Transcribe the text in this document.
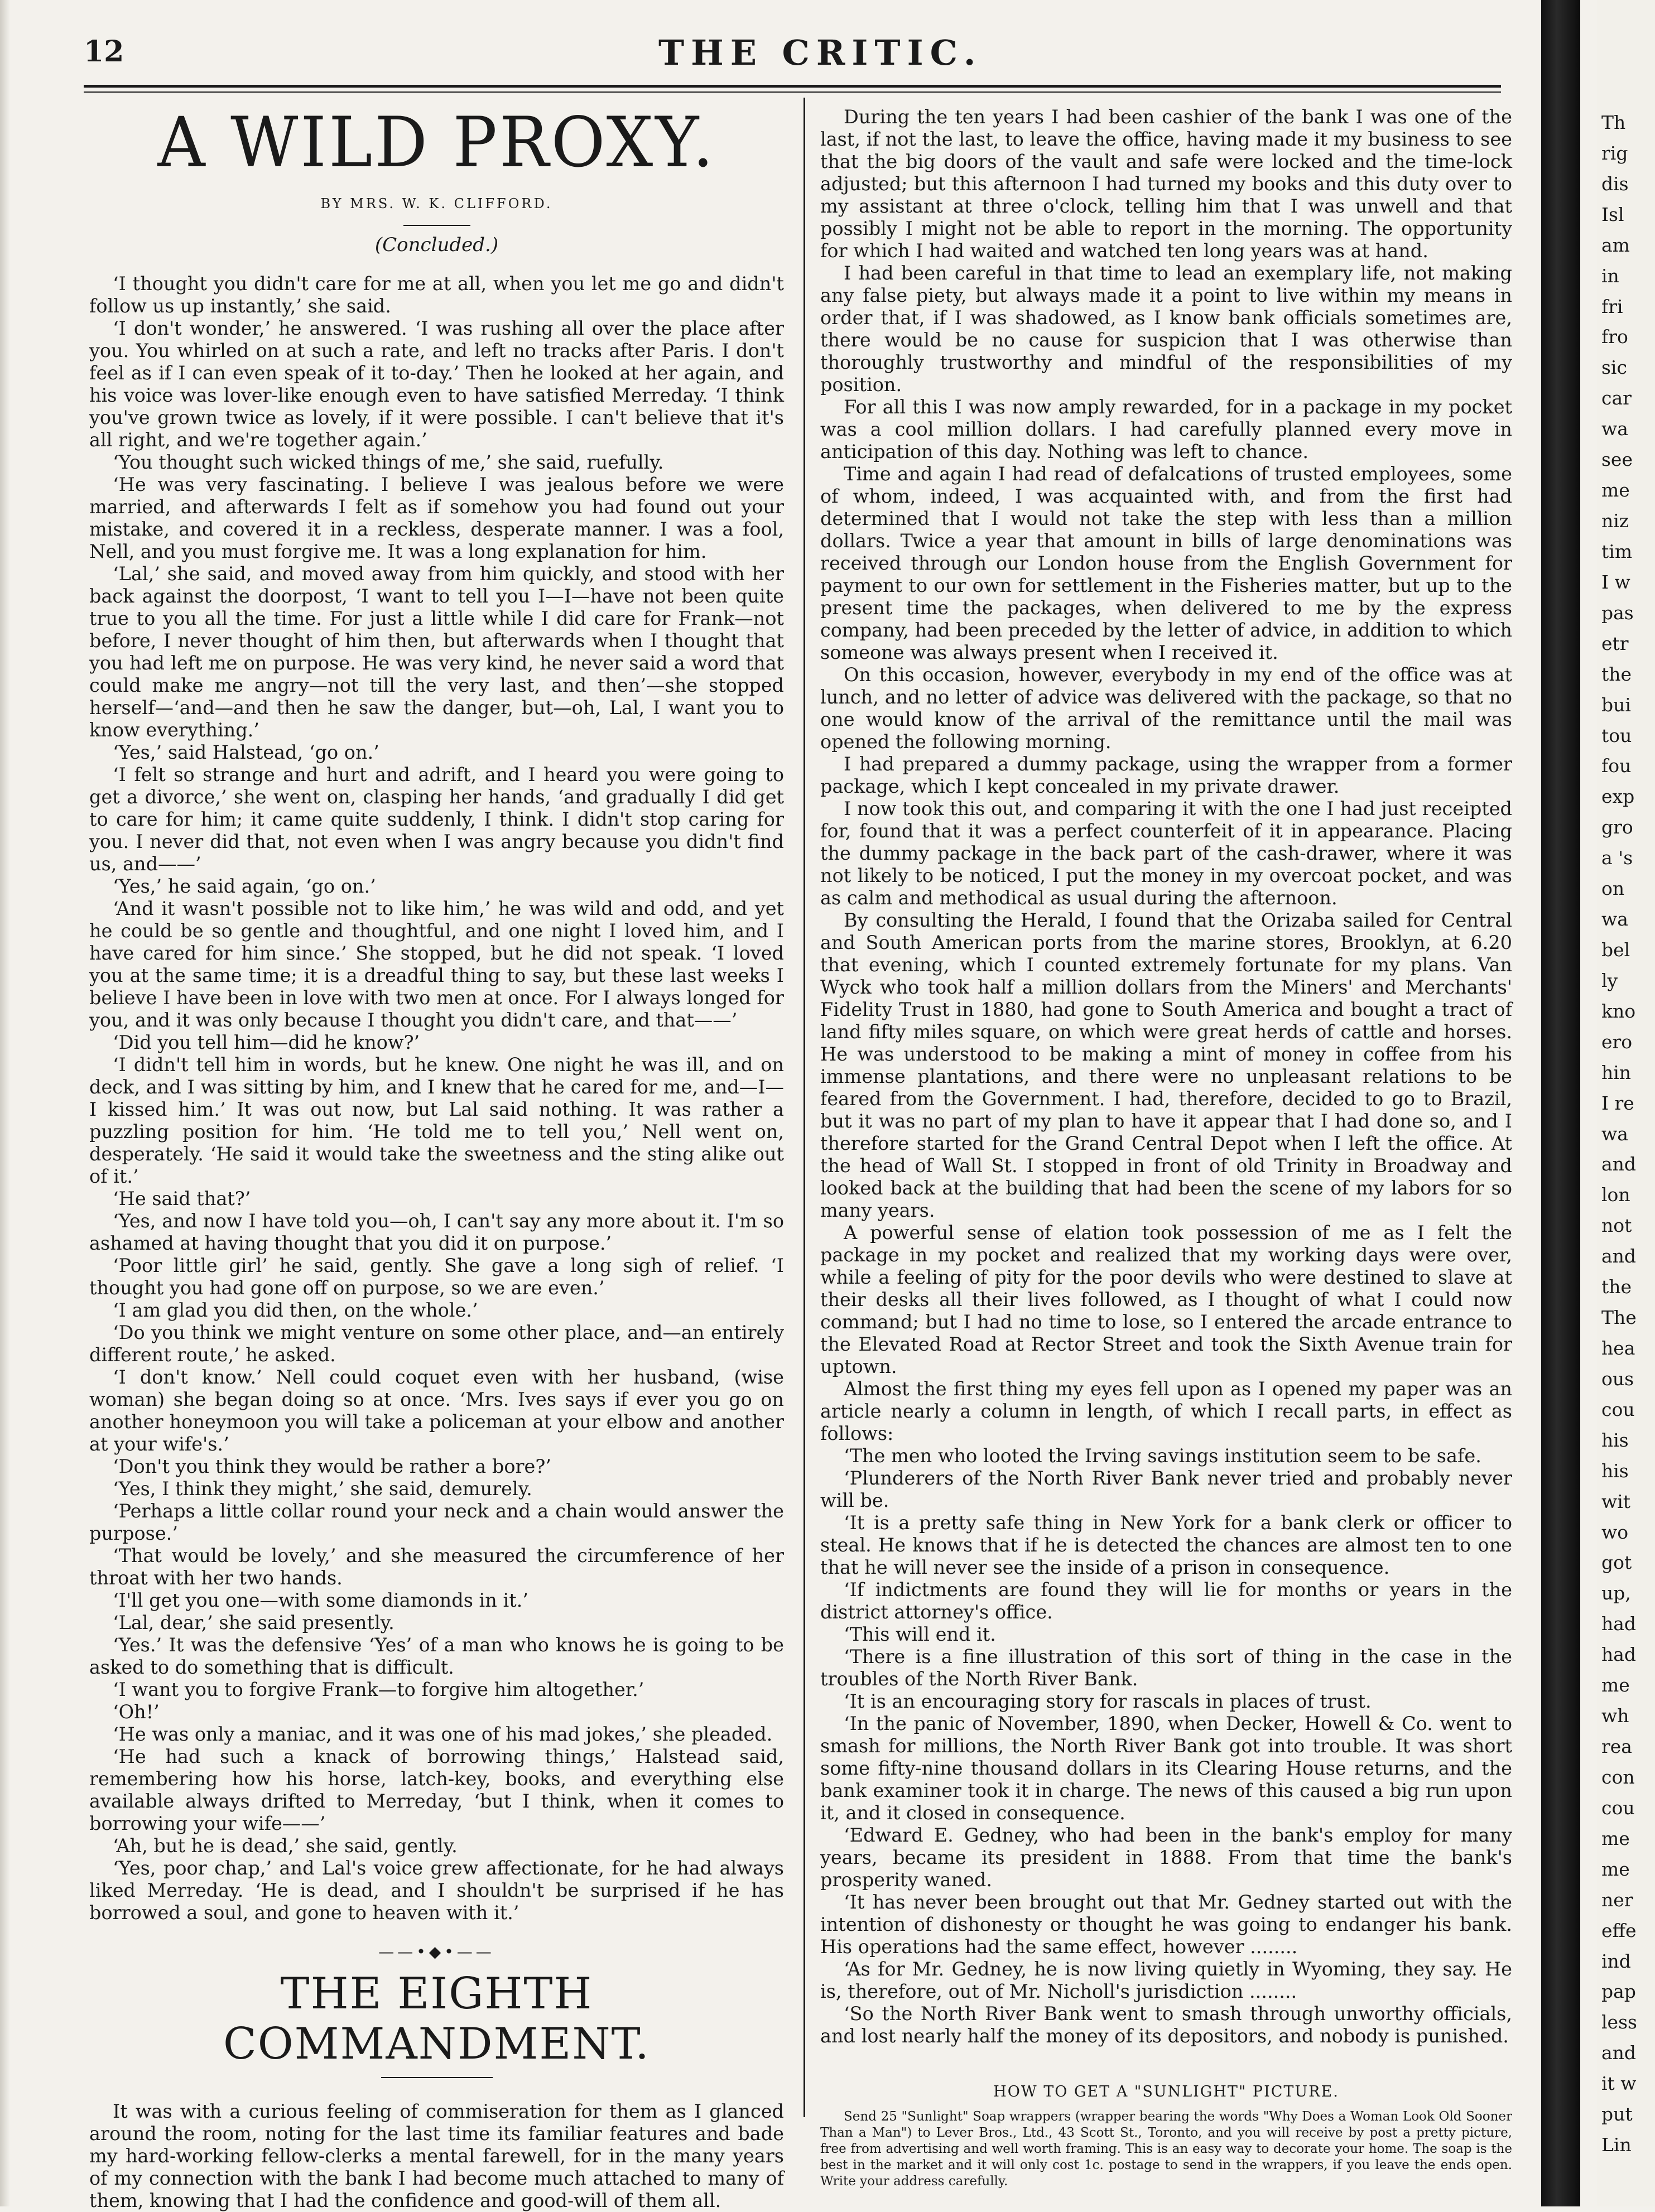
12	THE CRITIC.
A WILD PROXY.
BY MRS. W. K. CLIFFORD.
(Concluded.)

‘I thought you didn't care for me at all, when you let me go and didn't follow us up instantly,’ she said.

‘I don't wonder,’ he answered. ‘I was rushing all over the place after you. You whirled on at such a rate, and left no tracks after Paris. I don't feel as if I can even speak of it to-day.’ Then he looked at her again, and his voice was lover-like enough even to have satisfied Merreday. ‘I think you've grown twice as lovely, if it were possible. I can't believe that it's all right, and we're together again.’

‘You thought such wicked things of me,’ she said, ruefully.

‘He was very fascinating. I believe I was jealous before we were married, and afterwards I felt as if somehow you had found out your mistake, and covered it in a reckless, desperate manner. I was a fool, Nell, and you must forgive me. It was a long explanation for him.

‘Lal,’ she said, and moved away from him quickly, and stood with her back against the doorpost, ‘I want to tell you I—I—have not been quite true to you all the time. For just a little while I did care for Frank—not before, I never thought of him then, but afterwards when I thought that you had left me on purpose. He was very kind, he never said a word that could make me angry—not till the very last, and then’—she stopped herself—‘and—and then he saw the danger, but—oh, Lal, I want you to know everything.’

‘Yes,’ said Halstead, ‘go on.’

‘I felt so strange and hurt and adrift, and I heard you were going to get a divorce,’ she went on, clasping her hands, ‘and gradually I did get to care for him; it came quite suddenly, I think. I didn't stop caring for you. I never did that, not even when I was angry because you didn't find us, and——’

‘Yes,’ he said again, ‘go on.’

‘And it wasn't possible not to like him,’ he was wild and odd, and yet he could be so gentle and thoughtful, and one night I loved him, and I have cared for him since.’ She stopped, but he did not speak. ‘I loved you at the same time; it is a dreadful thing to say, but these last weeks I believe I have been in love with two men at once. For I always longed for you, and it was only because I thought you didn't care, and that——’

‘Did you tell him—did he know?’

‘I didn't tell him in words, but he knew. One night he was ill, and on deck, and I was sitting by him, and I knew that he cared for me, and—I—I kissed him.’ It was out now, but Lal said nothing. It was rather a puzzling position for him. ‘He told me to tell you,’ Nell went on, desperately. ‘He said it would take the sweetness and the sting alike out of it.’

‘He said that?’

‘Yes, and now I have told you—oh, I can't say any more about it. I'm so ashamed at having thought that you did it on purpose.’

‘Poor little girl’ he said, gently. She gave a long sigh of relief. ‘I thought you had gone off on purpose, so we are even.’

‘I am glad you did then, on the whole.’

‘Do you think we might venture on some other place, and—an entirely different route,’ he asked.

‘I don't know.’ Nell could coquet even with her husband, (wise woman) she began doing so at once. ‘Mrs. Ives says if ever you go on another honeymoon you will take a policeman at your elbow and another at your wife's.’

‘Don't you think they would be rather a bore?’

‘Yes, I think they might,’ she said, demurely.

‘Perhaps a little collar round your neck and a chain would answer the purpose.’

‘That would be lovely,’ and she measured the circumference of her throat with her two hands.

‘I'll get you one—with some diamonds in it.’

‘Lal, dear,’ she said presently.

‘Yes.’ It was the defensive ‘Yes’ of a man who knows he is going to be asked to do something that is difficult.

‘I want you to forgive Frank—to forgive him altogether.’

‘Oh!’

‘He was only a maniac, and it was one of his mad jokes,’ she pleaded.

‘He had such a knack of borrowing things,’ Halstead said, remembering how his horse, latch-key, books, and everything else available always drifted to Merreday, ‘but I think, when it comes to borrowing your wife——’

‘Ah, but he is dead,’ she said, gently.

‘Yes, poor chap,’ and Lal's voice grew affectionate, for he had always liked Merreday. ‘He is dead, and I shouldn't be surprised if he has borrowed a soul, and gone to heaven with it.’

——•◆•——
THE EIGHTH COMMANDMENT.

It was with a curious feeling of commiseration for them as I glanced around the room, noting for the last time its familiar features and bade my hard-working fellow-clerks a mental farewell, for in the many years of my connection with the bank I had become much attached to many of them, knowing that I had the confidence and good-will of them all.

During the ten years I had been cashier of the bank I was one of the last, if not the last, to leave the office, having made it my business to see that the big doors of the vault and safe were locked and the time-lock adjusted; but this afternoon I had turned my books and this duty over to my assistant at three o'clock, telling him that I was unwell and that possibly I might not be able to report in the morning. The opportunity for which I had waited and watched ten long years was at hand.

I had been careful in that time to lead an exemplary life, not making any false piety, but always made it a point to live within my means in order that, if I was shadowed, as I know bank officials sometimes are, there would be no cause for suspicion that I was otherwise than thoroughly trustworthy and mindful of the responsibilities of my position.

For all this I was now amply rewarded, for in a package in my pocket was a cool million dollars. I had carefully planned every move in anticipation of this day. Nothing was left to chance.

Time and again I had read of defalcations of trusted employees, some of whom, indeed, I was acquainted with, and from the first had determined that I would not take the step with less than a million dollars. Twice a year that amount in bills of large denominations was received through our London house from the English Government for payment to our own for settlement in the Fisheries matter, but up to the present time the packages, when delivered to me by the express company, had been preceded by the letter of advice, in addition to which someone was always present when I received it.

On this occasion, however, everybody in my end of the office was at lunch, and no letter of advice was delivered with the package, so that no one would know of the arrival of the remittance until the mail was opened the following morning.

I had prepared a dummy package, using the wrapper from a former package, which I kept concealed in my private drawer.

I now took this out, and comparing it with the one I had just receipted for, found that it was a perfect counterfeit of it in appearance. Placing the dummy package in the back part of the cash-drawer, where it was not likely to be noticed, I put the money in my overcoat pocket, and was as calm and methodical as usual during the afternoon.

By consulting the Herald, I found that the Orizaba sailed for Central and South American ports from the marine stores, Brooklyn, at 6.20 that evening, which I counted extremely fortunate for my plans. Van Wyck who took half a million dollars from the Miners' and Merchants' Fidelity Trust in 1880, had gone to South America and bought a tract of land fifty miles square, on which were great herds of cattle and horses. He was understood to be making a mint of money in coffee from his immense plantations, and there were no unpleasant relations to be feared from the Government. I had, therefore, decided to go to Brazil, but it was no part of my plan to have it appear that I had done so, and I therefore started for the Grand Central Depot when I left the office. At the head of Wall St. I stopped in front of old Trinity in Broadway and looked back at the building that had been the scene of my labors for so many years.

A powerful sense of elation took possession of me as I felt the package in my pocket and realized that my working days were over, while a feeling of pity for the poor devils who were destined to slave at their desks all their lives followed, as I thought of what I could now command; but I had no time to lose, so I entered the arcade entrance to the Elevated Road at Rector Street and took the Sixth Avenue train for uptown.

Almost the first thing my eyes fell upon as I opened my paper was an article nearly a column in length, of which I recall parts, in effect as follows:

‘The men who looted the Irving savings institution seem to be safe.

‘Plunderers of the North River Bank never tried and probably never will be.

‘It is a pretty safe thing in New York for a bank clerk or officer to steal. He knows that if he is detected the chances are almost ten to one that he will never see the inside of a prison in consequence.

‘If indictments are found they will lie for months or years in the district attorney's office.

‘This will end it.

‘There is a fine illustration of this sort of thing in the case in the troubles of the North River Bank.

‘It is an encouraging story for rascals in places of trust.

‘In the panic of November, 1890, when Decker, Howell & Co. went to smash for millions, the North River Bank got into trouble. It was short some fifty-nine thousand dollars in its Clearing House returns, and the bank examiner took it in charge. The news of this caused a big run upon it, and it closed in consequence.

‘Edward E. Gedney, who had been in the bank's employ for many years, became its president in 1888. From that time the bank's prosperity waned.

‘It has never been brought out that Mr. Gedney started out with the intention of dishonesty or thought he was going to endanger his bank. His operations had the same effect, however ........

‘As for Mr. Gedney, he is now living quietly in Wyoming, they say. He is, therefore, out of Mr. Nicholl's jurisdiction ........

‘So the North River Bank went to smash through unworthy officials, and lost nearly half the money of its depositors, and nobody is punished.

HOW TO GET A "SUNLIGHT" PICTURE.

Send 25 "Sunlight" Soap wrappers (wrapper bearing the words "Why Does a Woman Look Old Sooner Than a Man") to Lever Bros., Ltd., 43 Scott St., Toronto, and you will receive by post a pretty picture, free from advertising and well worth framing. This is an easy way to decorate your home. The soap is the best in the market and it will only cost 1c. postage to send in the wrappers, if you leave the ends open. Write your address carefully.

Th
rig
dis
Isl
am
in
fri
fro
sic
car
wa
see
me
niz
tim
I w
pas
etr
the
bui
tou
fou
exp
gro
a 's
on
wa
bel
ly
kno
ero
hin
I re
wa
and
lon
not
and
the
The
hea
ous
cou
his
his
wit
wo
got
up,
had
had
me
wh
rea
con
cou
me
me
ner
effe
ind
pap
less
and
it w
put
Lin
